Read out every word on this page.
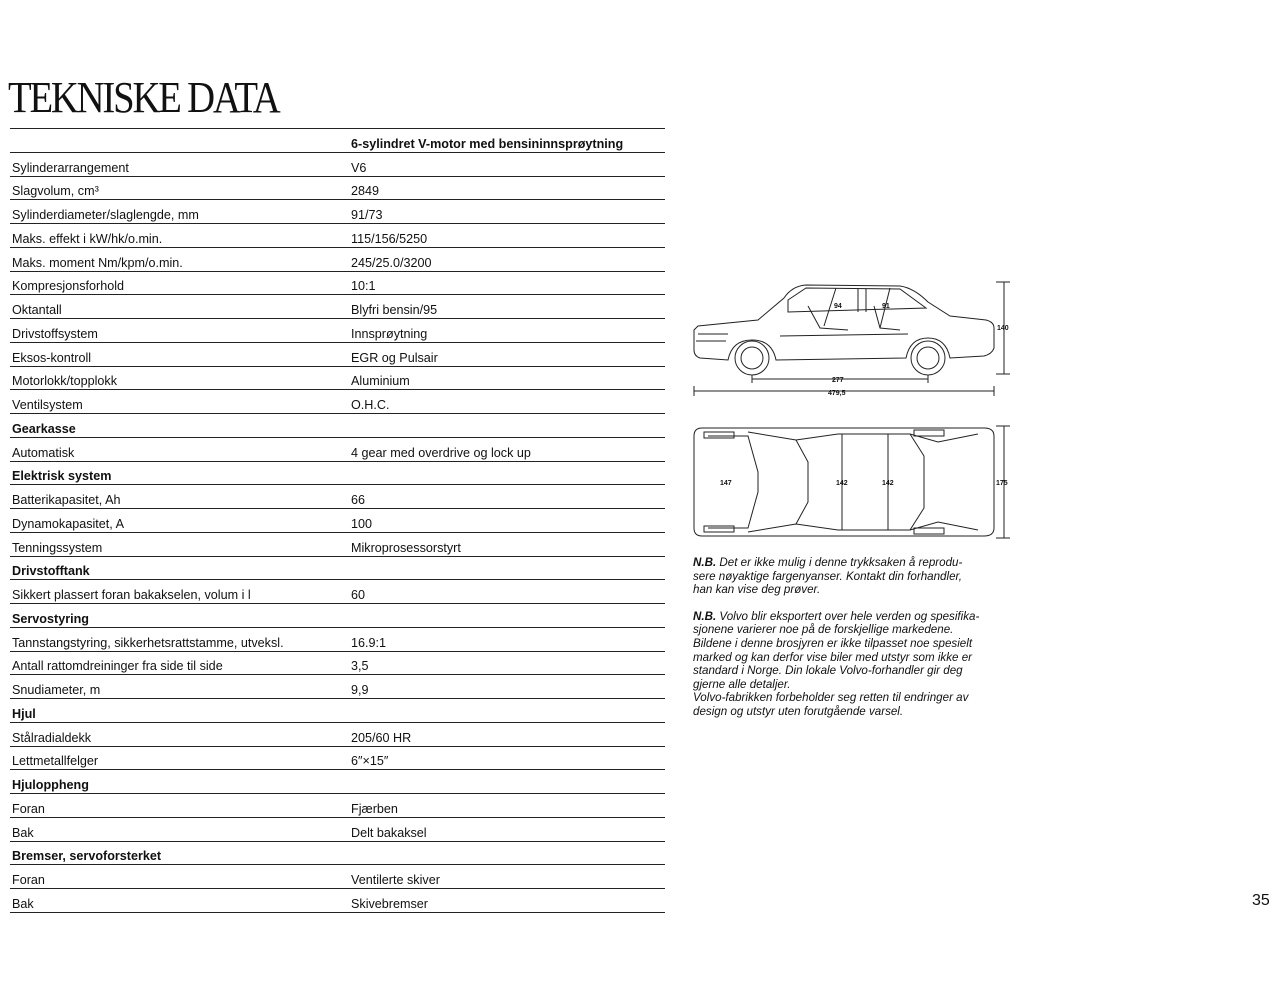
TEKNISKE DATA
	6-sylindret V-motor med bensininnsprøytning
Sylinderarrangement	V6
Slagvolum, cm³	2849
Sylinderdiameter/slaglengde, mm	91/73
Maks. effekt i kW/hk/o.min.	115/156/5250
Maks. moment Nm/kpm/o.min.	245/25.0/3200
Kompresjonsforhold	10:1
Oktantall	Blyfri bensin/95
Drivstoffsystem	Innsprøytning
Eksos-kontroll	EGR og Pulsair
Motorlokk/topplokk	Aluminium
Ventilsystem	O.H.C.
Gearkasse	
Automatisk	4 gear med overdrive og lock up
Elektrisk system	
Batterikapasitet, Ah	66
Dynamokapasitet, A	100
Tenningssystem	Mikroprosessorstyrt
Drivstofftank	
Sikkert plassert foran bakakselen, volum i l	60
Servostyring	
Tannstangstyring, sikkerhetsrattstamme, utveksl.	16.9:1
Antall rattomdreininger fra side til side	3,5
Snudiameter, m	9,9
Hjul	
Stålradialdekk	205/60 HR
Lettmetallfelger	6″×15″
Hjuloppheng	
Foran	Fjærben
Bak	Delt bakaksel
Bremser, servoforsterket	
Foran	Ventilerte skiver
Bak	Skivebremser
94	91
140
277
479,5
147	142	142	175

N.B. Det er ikke mulig i denne trykksaken å reprodu-
sere nøyaktige fargenyanser. Kontakt din forhandler,
han kan vise deg prøver.

N.B. Volvo blir eksportert over hele verden og spesifika-
sjonene varierer noe på de forskjellige markedene.
Bildene i denne brosjyren er ikke tilpasset noe spesielt
marked og kan derfor vise biler med utstyr som ikke er
standard i Norge. Din lokale Volvo-forhandler gir deg
gjerne alle detaljer.
Volvo-fabrikken forbeholder seg retten til endringer av
design og utstyr uten forutgående varsel.

35
